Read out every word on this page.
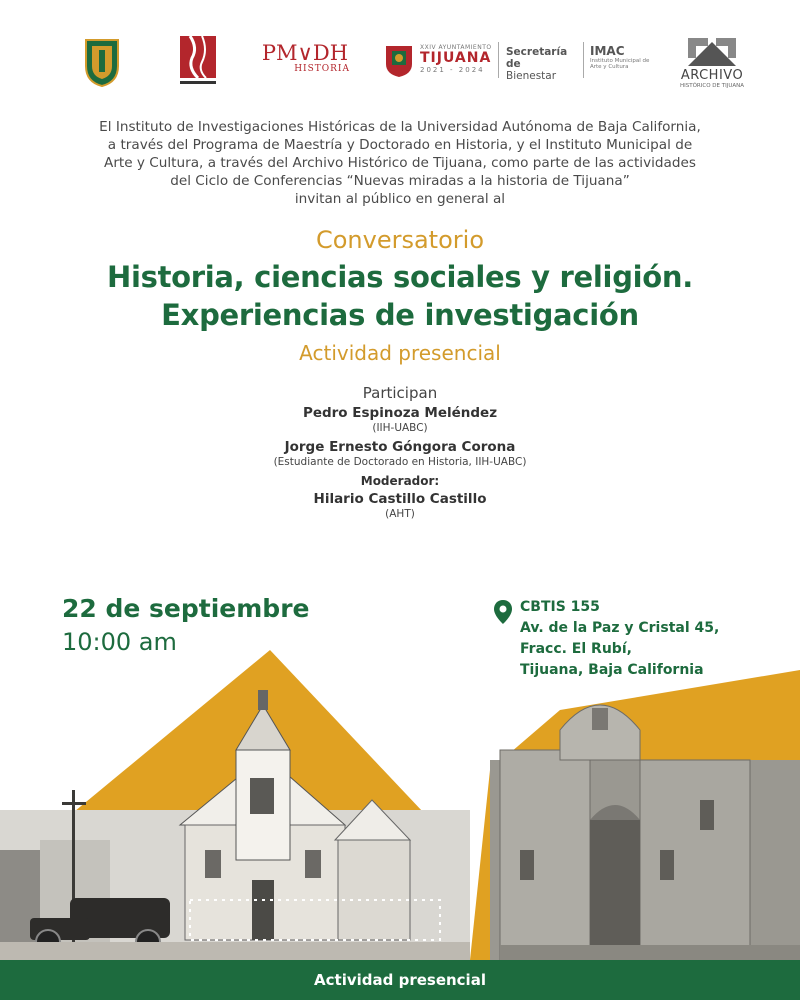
PM∨DH
HISTORIA
XXIV AYUNTAMIENTO
TIJUANA
2021 - 2024
Secretaría de
Bienestar
IMAC
Instituto Municipal de
Arte y Cultura
ARCHIVO
HISTÓRICO DE TIJUANA
El Instituto de Investigaciones Históricas de la Universidad Autónoma de Baja California,
a través del Programa de Maestría y Doctorado en Historia, y el Instituto Municipal de
Arte y Cultura, a través del Archivo Histórico de Tijuana, como parte de las actividades
del Ciclo de Conferencias “Nuevas miradas a la historia de Tijuana”
invitan al público en general al
Conversatorio
Historia, ciencias sociales y religión.
Experiencias de investigación
Actividad presencial
Participan
Pedro Espinoza Meléndez
(IIH-UABC)
Jorge Ernesto Góngora Corona
(Estudiante de Doctorado en Historia, IIH-UABC)
Moderador:
Hilario Castillo Castillo
(AHT)
22 de septiembre
10:00 am
CBTIS 155
Av. de la Paz y Cristal 45,
Fracc. El Rubí,
Tijuana, Baja California
Actividad presencial
